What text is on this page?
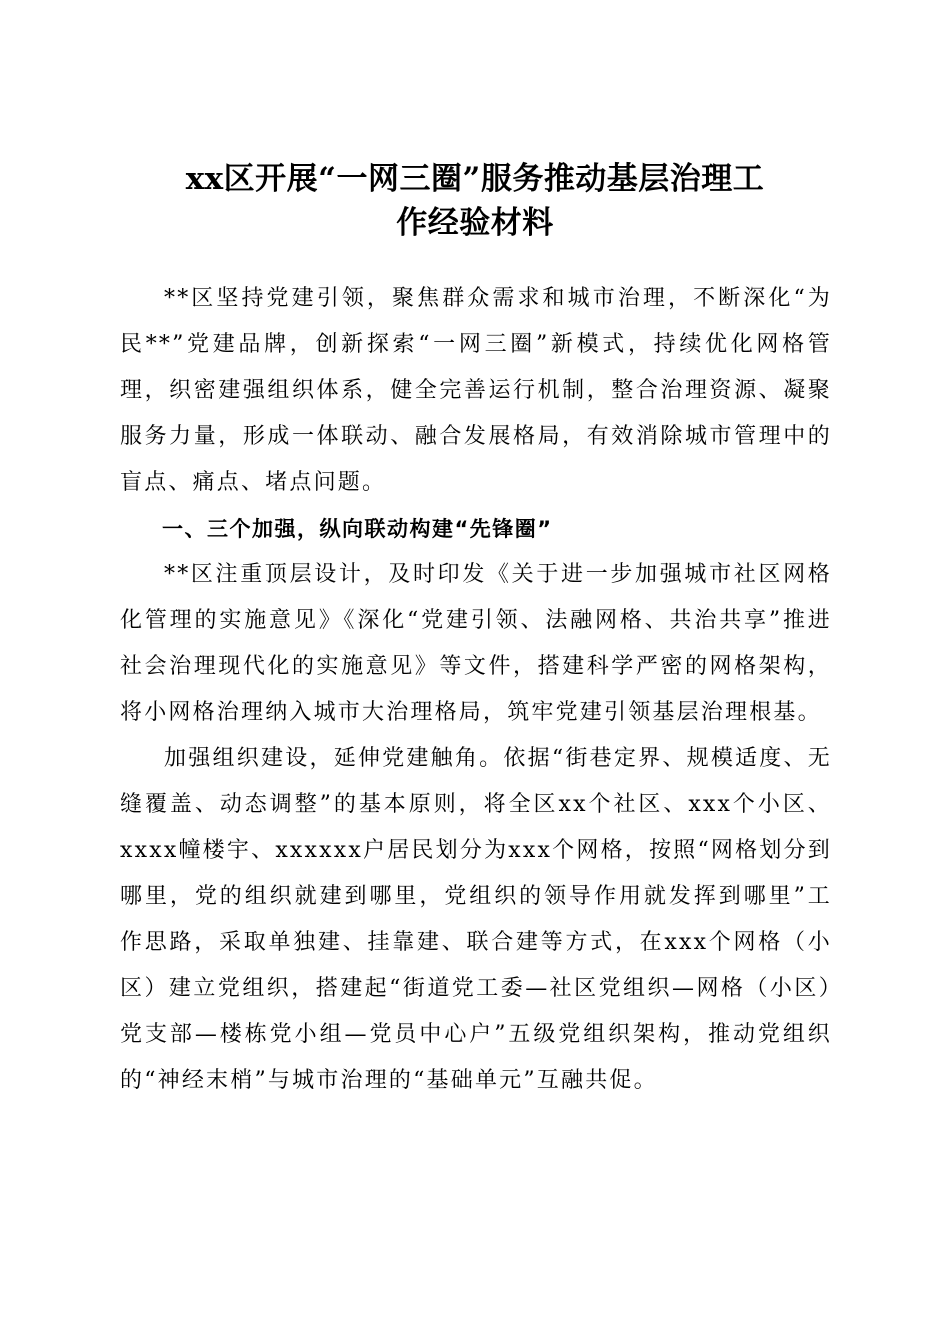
xx区开展“一网三圈”服务推动基层治理工
作经验材料

**区坚持党建引领，聚焦群众需求和城市治理，不断深化“为民**”党建品牌，创新探索“一网三圈”新模式，持续优化网格管理，织密建强组织体系，健全完善运行机制，整合治理资源、凝聚服务力量，形成一体联动、融合发展格局，有效消除城市管理中的盲点、痛点、堵点问题。

一、三个加强，纵向联动构建“先锋圈”

**区注重顶层设计，及时印发《关于进一步加强城市社区网格化管理的实施意见》《深化“党建引领、法融网格、共治共享”推进社会治理现代化的实施意见》等文件，搭建科学严密的网格架构，将小网格治理纳入城市大治理格局，筑牢党建引领基层治理根基。

加强组织建设，延伸党建触角。依据“街巷定界、规模适度、无缝覆盖、动态调整”的基本原则，将全区xx个社区、xxx个小区、xxxx幢楼宇、xxxxxx户居民划分为xxx个网格，按照“网格划分到哪里，党的组织就建到哪里，党组织的领导作用就发挥到哪里”工作思路，采取单独建、挂靠建、联合建等方式，在xxx个网格（小区）建立党组织，搭建起“街道党工委—社区党组织—网格（小区）党支部—楼栋党小组—党员中心户”五级党组织架构，推动党组织的“神经末梢”与城市治理的“基础单元”互融共促。
